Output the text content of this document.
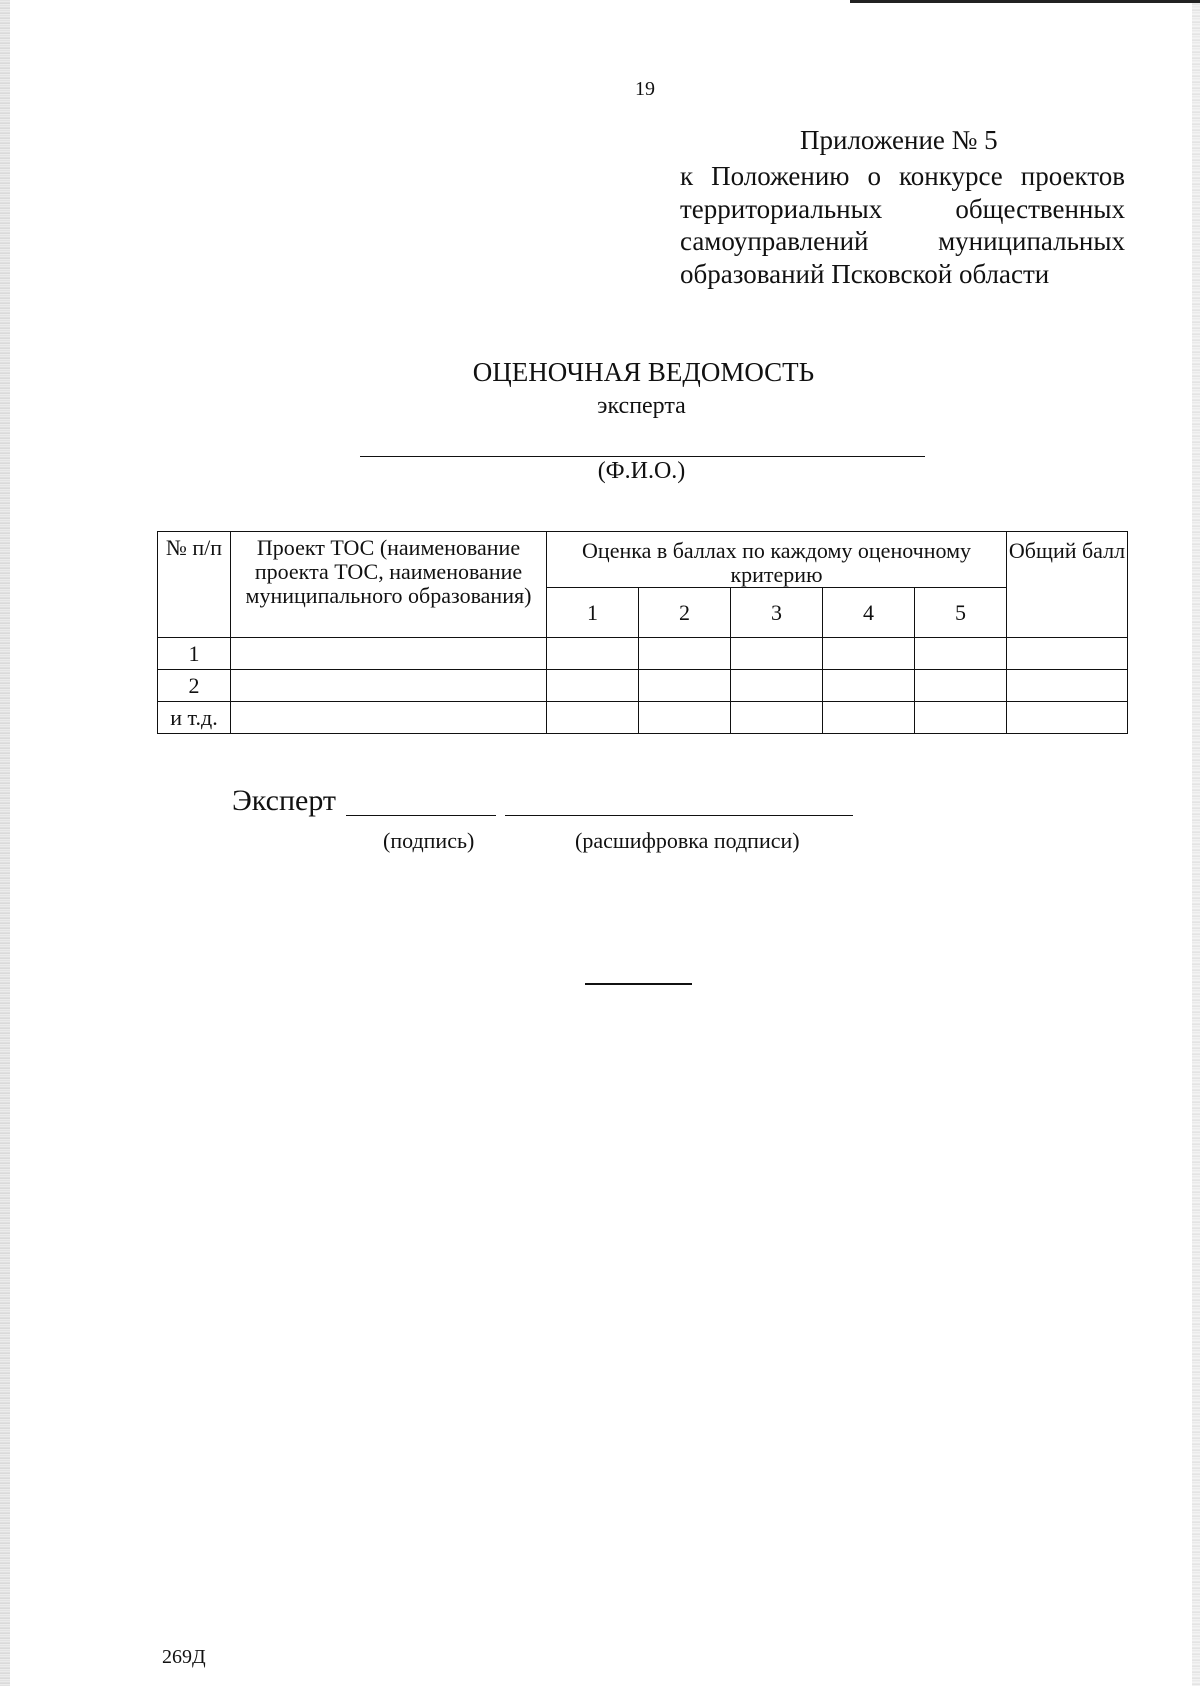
19
Приложение № 5
к Положению о конкурсе проектов территориальных общественных самоуправлений муниципальных образований Псковской области
ОЦЕНОЧНАЯ ВЕДОМОСТЬ
эксперта
(Ф.И.О.)
№ п/п	Проект ТОС (наименование проекта ТОС, наименование муниципального образования)	Оценка в баллах по каждому оценочному критерию					Общий балл
		1	2	3	4	5	
1							
2							
и т.д.							
Эксперт
(подпись)	(расшифровка подписи)
269Д
